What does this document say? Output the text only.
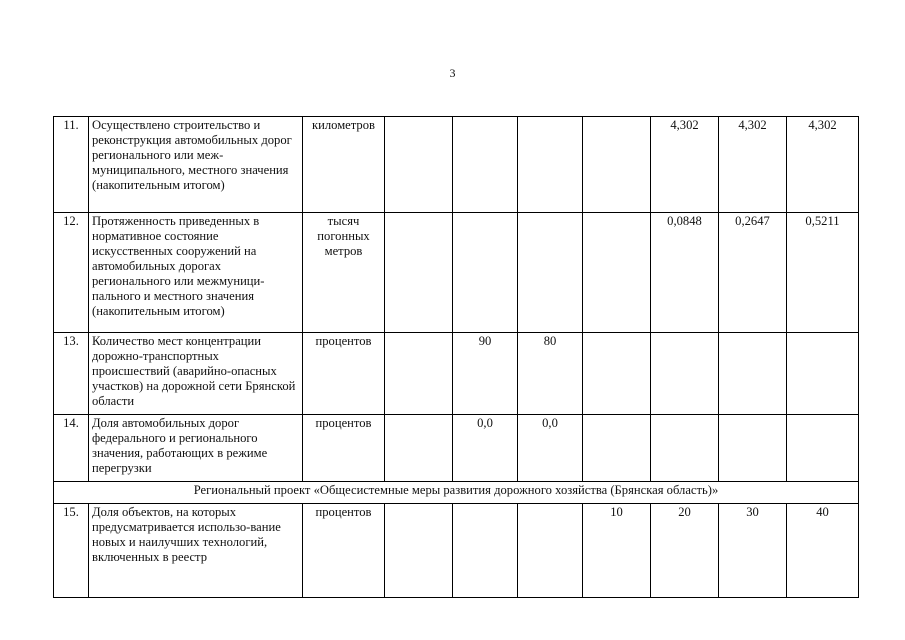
3
11.	Осуществлено строительство и реконструкция автомобильных дорог регионального или меж-муниципального, местного значения (накопительным итогом)	километров					4,302	4,302	4,302
12.	Протяженность приведенных в нормативное состояние искусственных сооружений на автомобильных дорогах регионального или межмуници-пального и местного значения (накопительным итогом)	тысяч погонных метров					0,0848	0,2647	0,5211
13.	Количество мест концентрации дорожно-транспортных происшествий (аварийно-опасных участков) на дорожной сети Брянской области	процентов		90	80				
14.	Доля автомобильных дорог федерального и регионального значения, работающих в режиме перегрузки	процентов		0,0	0,0				
Региональный проект «Общесистемные меры развития дорожного хозяйства (Брянская область)»									
15.	Доля объектов, на которых предусматривается использо-вание новых и наилучших технологий, включенных в реестр	процентов				10	20	30	40
